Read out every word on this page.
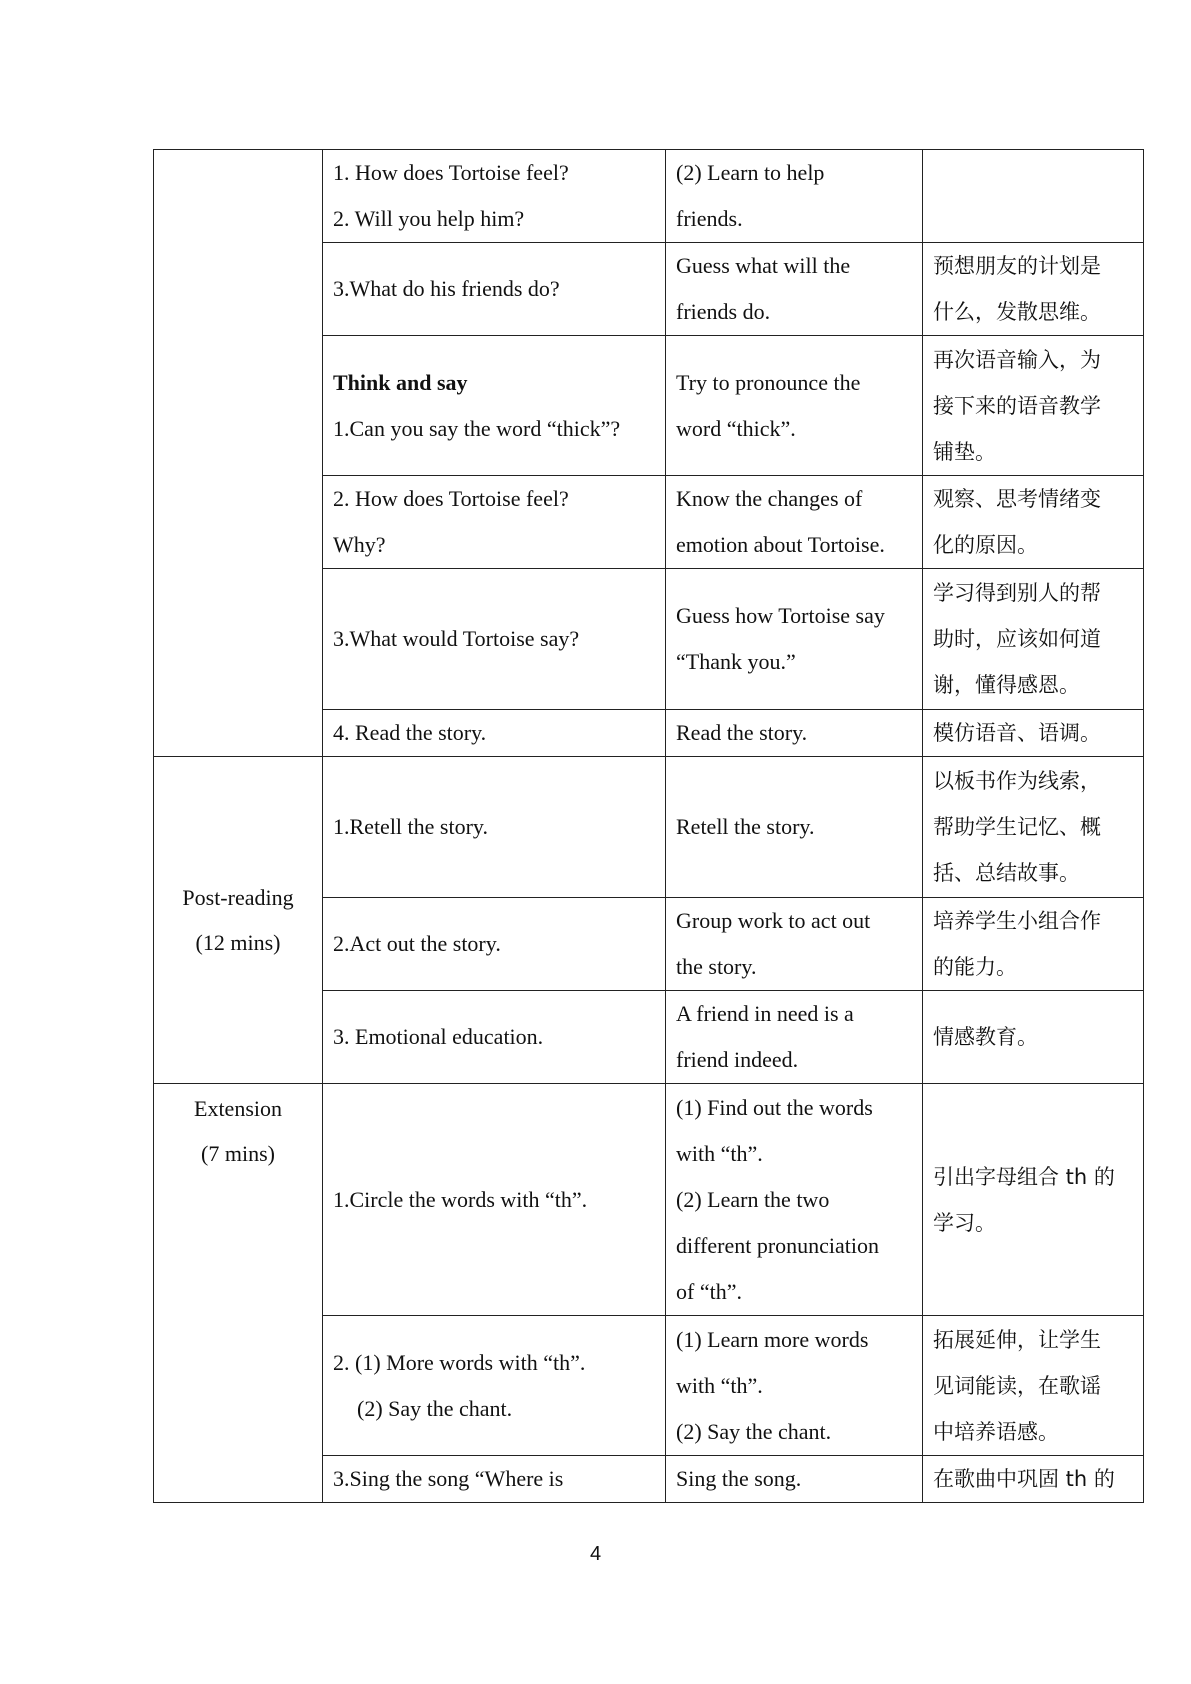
	1. How does Tortoise feel?
2. Will you help him?	(2) Learn to help
friends.	

	3.What do his friends do?	Guess what will the
friends do.	预想朋友的计划是
什么，发散思维。

	Think and say
1.Can you say the word “thick”?	Try to pronounce the
word “thick”.	再次语音输入，为
接下来的语音教学
铺垫。

	2. How does Tortoise feel?
Why?	Know the changes of
emotion about Tortoise.	观察、思考情绪变
化的原因。

	3.What would Tortoise say?	Guess how Tortoise say
“Thank you.”	学习得到别人的帮
助时，应该如何道
谢，懂得感恩。

	4. Read the story.	Read the story.	模仿语音、语调。

Post-reading
(12 mins)	1.Retell the story.	Retell the story.	以板书作为线索，
帮助学生记忆、概
括、总结故事。

	2.Act out the story.	Group work to act out
the story.	培养学生小组合作
的能力。

	3. Emotional education.	A friend in need is a
friend indeed.	情感教育。

Extension
(7 mins)	1.Circle the words with “th”.	(1) Find out the words
with “th”.
(2) Learn the two
different pronunciation
of “th”.	引出字母组合 th 的
学习。

	2. (1) More words with “th”.
(2) Say the chant.	(1) Learn more words
with “th”.
(2) Say the chant.	拓展延伸，让学生
见词能读，在歌谣
中培养语感。

	3.Sing the song “Where is	Sing the song.	在歌曲中巩固 th 的
4
